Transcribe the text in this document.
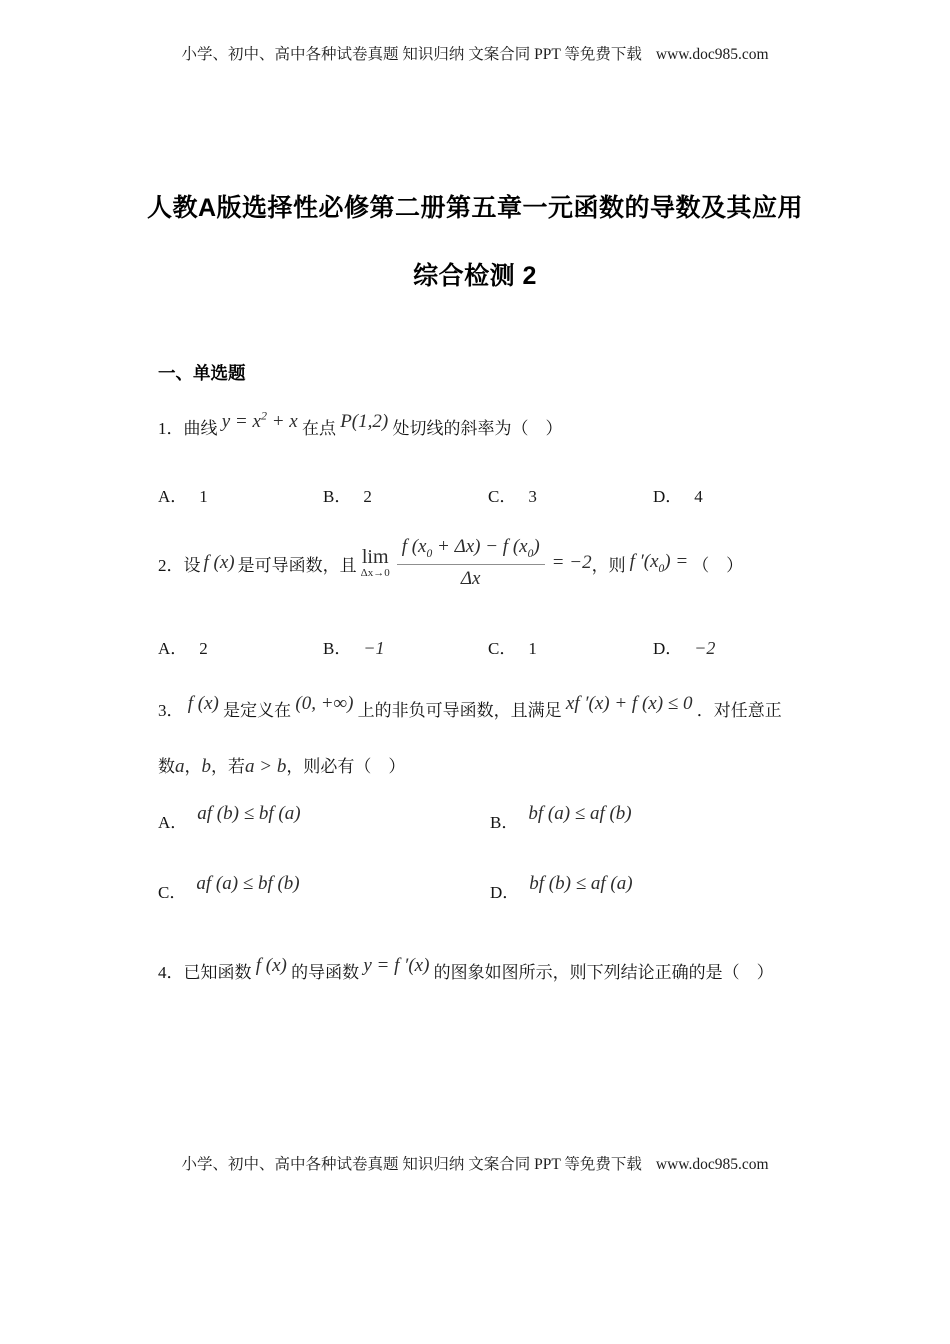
小学、初中、高中各种试卷真题 知识归纳 文案合同 PPT 等免费下载 www.doc985.com
人教A版选择性必修第二册第五章一元函数的导数及其应用
综合检测 2
一、单选题
1．曲线 $y = x^2 + x$ 在点 P(1,2) 处切线的斜率为（　）
A． 1	B． 2	C． 3	D． 4
2． 设 f (x) 是可导函数，且 lim
Δx→0
f $(x_0 + \Delta x) - f$ $(x_0)$
Δx
= −2 ，则 f $'(x_0)$ = （　）
A． 2	B． −1	C． 1	D． −2
3． f (x) 是定义在 (0, +∞) 上的非负可导函数，且满足 xf ′(x) + f (x) ≤ 0 ．对任意正
数a，b，若a > b，则必有（　）
A． af (b) ≤ bf (a)	B． bf (a) ≤ af (b)
C． af (a) ≤ bf (b)	D． bf (b) ≤ af (a)
4．已知函数 f (x) 的导函数 y = f ′(x) 的图象如图所示，则下列结论正确的是（　）
小学、初中、高中各种试卷真题 知识归纳 文案合同 PPT 等免费下载 www.doc985.com
